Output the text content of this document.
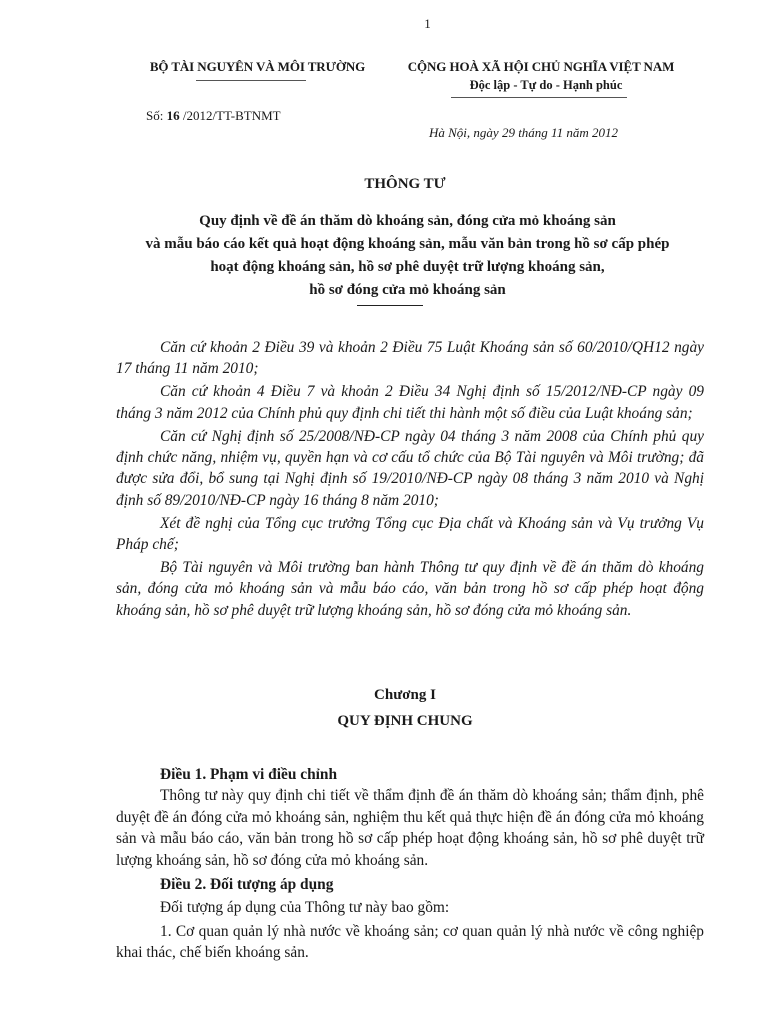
1
BỘ TÀI NGUYÊN VÀ MÔI TRƯỜNG	CỘNG HOÀ XÃ HỘI CHỦ NGHĨA VIỆT NAM
Độc lập - Tự do - Hạnh phúc
Số: 16 /2012/TT-BTNMT
Hà Nội, ngày 29 tháng 11 năm 2012
THÔNG TƯ
Quy định về đề án thăm dò khoáng sản, đóng cửa mỏ khoáng sản
và mẫu báo cáo kết quả hoạt động khoáng sản, mẫu văn bản trong hồ sơ cấp phép
hoạt động khoáng sản, hồ sơ phê duyệt trữ lượng khoáng sản,
hồ sơ đóng cửa mỏ khoáng sản

Căn cứ khoản 2 Điều 39 và khoản 2 Điều 75 Luật Khoáng sản số 60/2010/QH12 ngày 17 tháng 11 năm 2010;

Căn cứ khoản 4 Điều 7 và khoản 2 Điều 34 Nghị định số 15/2012/NĐ-CP ngày 09 tháng 3 năm 2012 của Chính phủ quy định chi tiết thi hành một số điều của Luật khoáng sản;

Căn cứ Nghị định số 25/2008/NĐ-CP ngày 04 tháng 3 năm 2008 của Chính phủ quy định chức năng, nhiệm vụ, quyền hạn và cơ cấu tổ chức của Bộ Tài nguyên và Môi trường; đã được sửa đổi, bổ sung tại Nghị định số 19/2010/NĐ-CP ngày 08 tháng 3 năm 2010 và Nghị định số 89/2010/NĐ-CP ngày 16 tháng 8 năm 2010;

Xét đề nghị của Tổng cục trưởng Tổng cục Địa chất và Khoáng sản và Vụ trưởng Vụ Pháp chế;

Bộ Tài nguyên và Môi trường ban hành Thông tư quy định về đề án thăm dò khoáng sản, đóng cửa mỏ khoáng sản và mẫu báo cáo, văn bản trong hồ sơ cấp phép hoạt động khoáng sản, hồ sơ phê duyệt trữ lượng khoáng sản, hồ sơ đóng cửa mỏ khoáng sản.

Chương I
QUY ĐỊNH CHUNG

Điều 1. Phạm vi điều chỉnh

Thông tư này quy định chi tiết về thẩm định đề án thăm dò khoáng sản; thẩm định, phê duyệt đề án đóng cửa mỏ khoáng sản, nghiệm thu kết quả thực hiện đề án đóng cửa mỏ khoáng sản và mẫu báo cáo, văn bản trong hồ sơ cấp phép hoạt động khoáng sản, hồ sơ phê duyệt trữ lượng khoáng sản, hồ sơ đóng cửa mỏ khoáng sản.

Điều 2. Đối tượng áp dụng

Đối tượng áp dụng của Thông tư này bao gồm:

1. Cơ quan quản lý nhà nước về khoáng sản; cơ quan quản lý nhà nước về công nghiệp khai thác, chế biến khoáng sản.
